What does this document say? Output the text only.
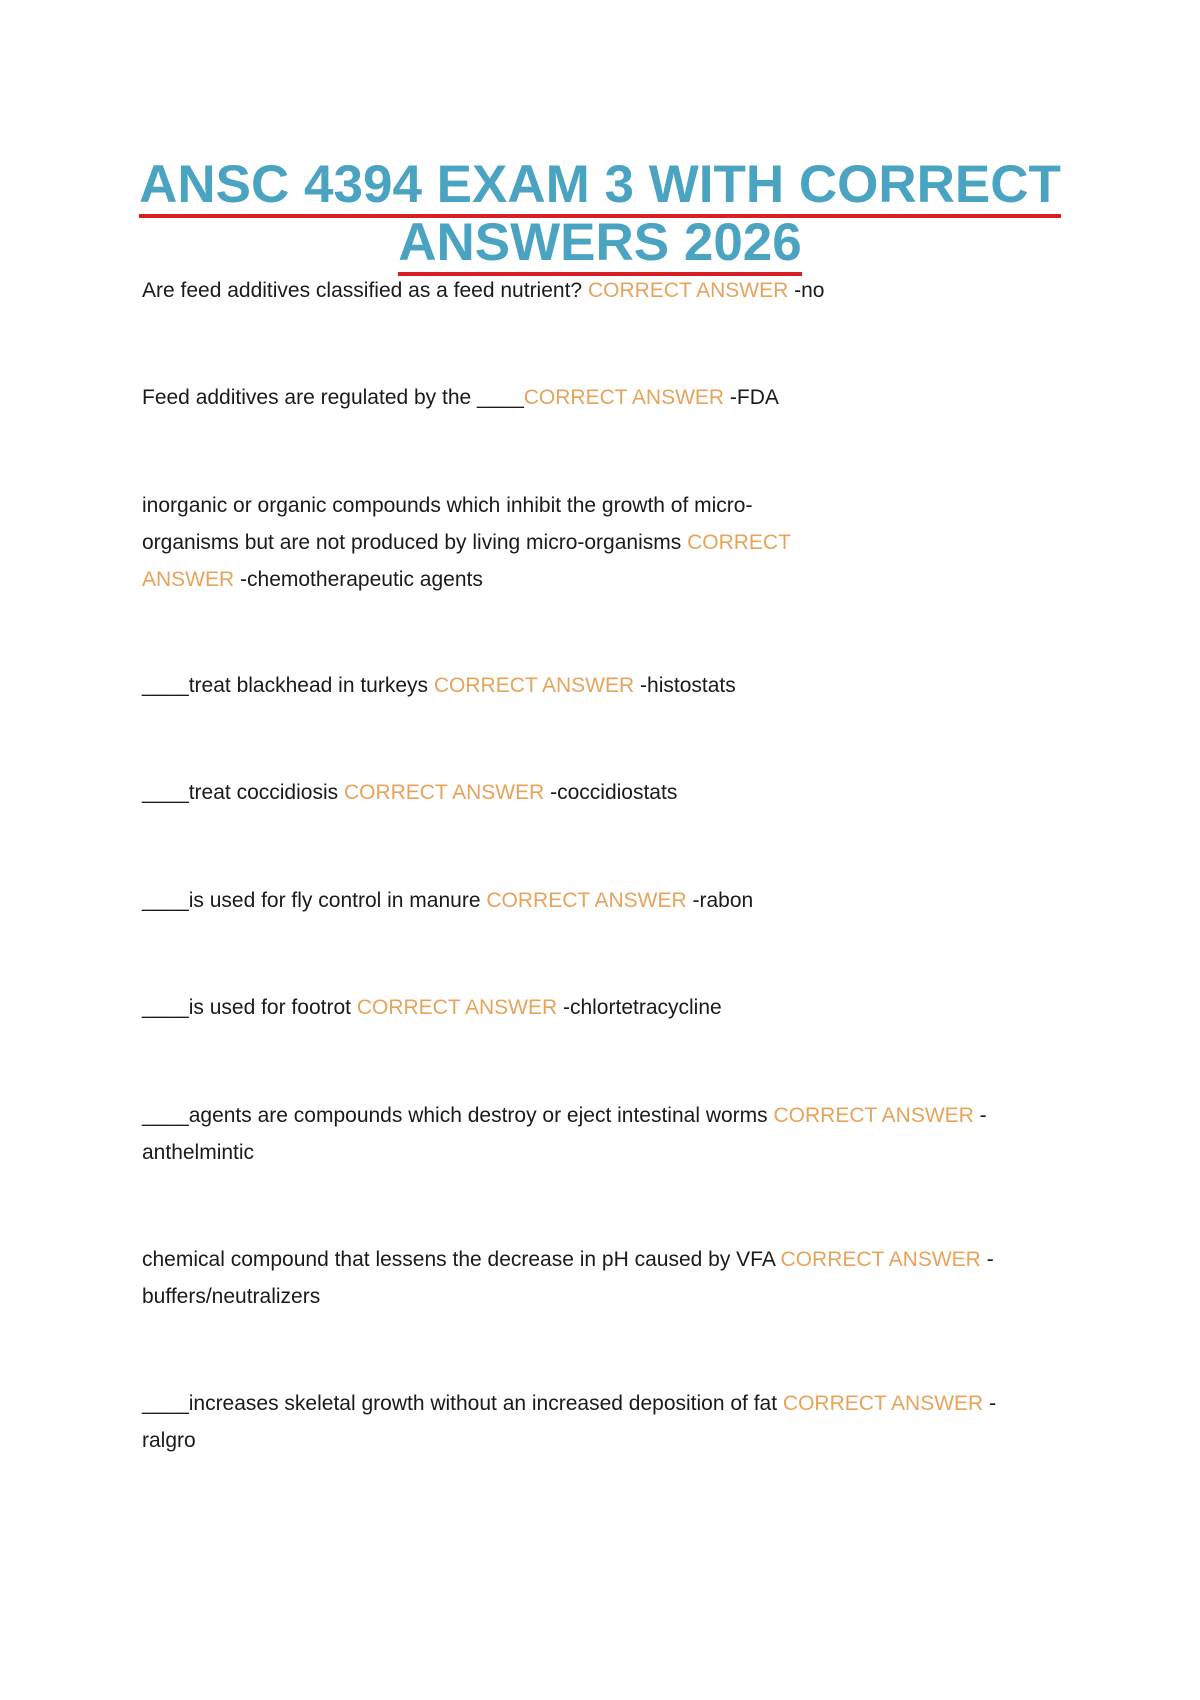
ANSC 4394 EXAM 3 WITH CORRECT
ANSWERS 2026

Are feed additives classified as a feed nutrient? CORRECT ANSWER -no

Feed additives are regulated by the ____CORRECT ANSWER -FDA

inorganic or organic compounds which inhibit the growth of micro-organisms but are not produced by living micro-organisms CORRECT ANSWER -chemotherapeutic agents

____treat blackhead in turkeys CORRECT ANSWER -histostats

____treat coccidiosis CORRECT ANSWER -coccidiostats

____is used for fly control in manure CORRECT ANSWER -rabon

____is used for footrot CORRECT ANSWER -chlortetracycline

____agents are compounds which destroy or eject intestinal worms CORRECT ANSWER -anthelmintic

chemical compound that lessens the decrease in pH caused by VFA CORRECT ANSWER -buffers/neutralizers

____increases skeletal growth without an increased deposition of fat CORRECT ANSWER -ralgro
